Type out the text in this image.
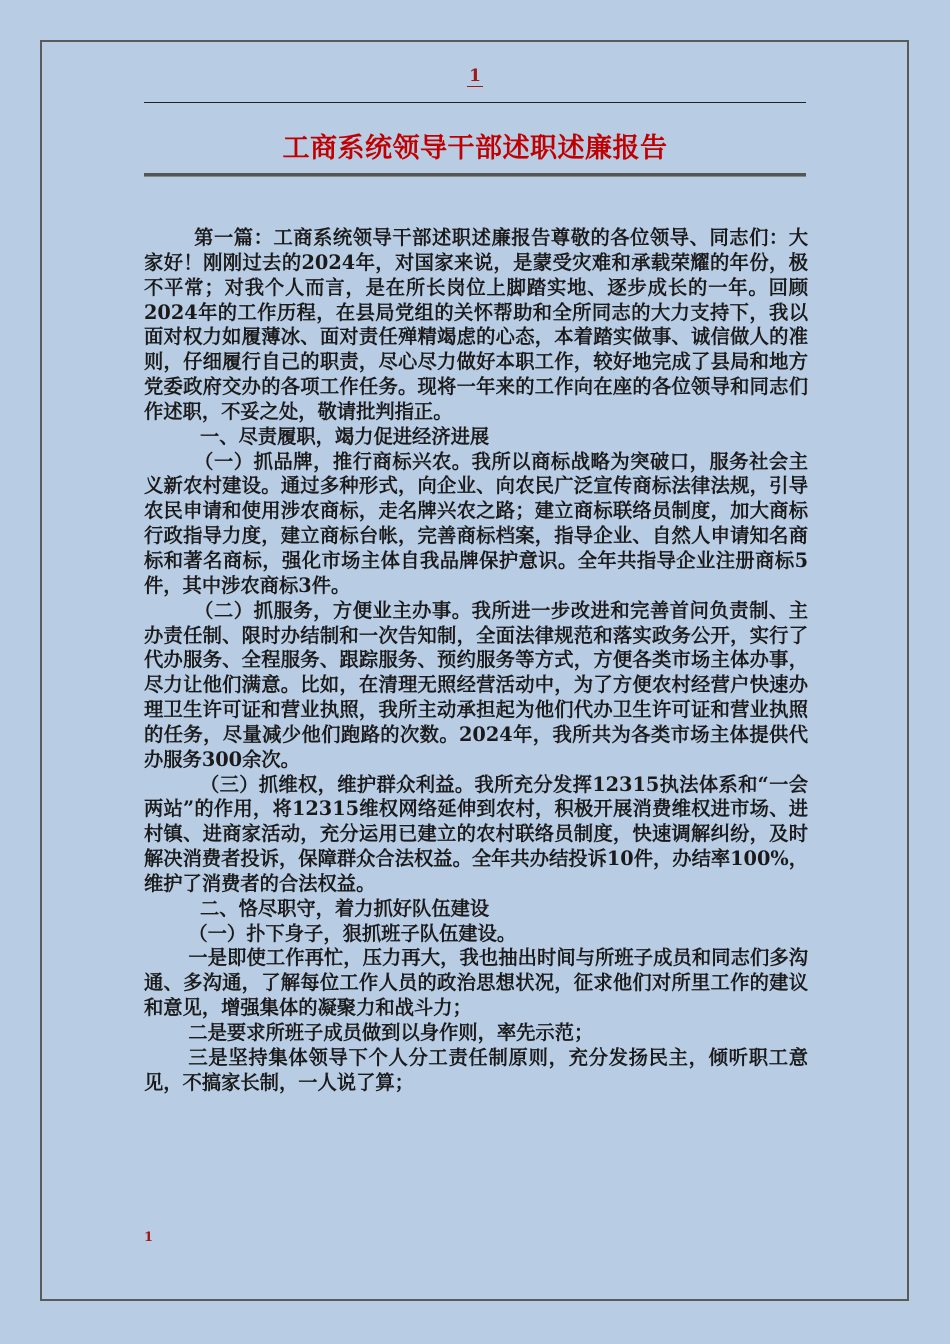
1
工商系统领导干部述职述廉报告

第一篇：工商系统领导干部述职述廉报告尊敬的各位领导、同志们：大家好！刚刚过去的2024年，对国家来说，是蒙受灾难和承载荣耀的年份，极不平常；对我个人而言，是在所长岗位上脚踏实地、逐步成长的一年。回顾2024年的工作历程，在县局党组的关怀帮助和全所同志的大力支持下，我以面对权力如履薄冰、面对责任殚精竭虑的心态，本着踏实做事、诚信做人的准则，仔细履行自己的职责，尽心尽力做好本职工作，较好地完成了县局和地方党委政府交办的各项工作任务。现将一年来的工作向在座的各位领导和同志们作述职，不妥之处，敬请批判指正。

一、尽责履职，竭力促进经济进展

（一）抓品牌，推行商标兴农。我所以商标战略为突破口，服务社会主义新农村建设。通过多种形式，向企业、向农民广泛宣传商标法律法规，引导农民申请和使用涉农商标，走名牌兴农之路；建立商标联络员制度，加大商标行政指导力度，建立商标台帐，完善商标档案，指导企业、自然人申请知名商标和著名商标，强化市场主体自我品牌保护意识。全年共指导企业注册商标5件，其中涉农商标3件。

（二）抓服务，方便业主办事。我所进一步改进和完善首问负责制、主办责任制、限时办结制和一次告知制，全面法律规范和落实政务公开，实行了代办服务、全程服务、跟踪服务、预约服务等方式，方便各类市场主体办事，尽力让他们满意。比如，在清理无照经营活动中，为了方便农村经营户快速办理卫生许可证和营业执照，我所主动承担起为他们代办卫生许可证和营业执照的任务，尽量减少他们跑路的次数。2024年，我所共为各类市场主体提供代办服务300余次。

（三）抓维权，维护群众利益。我所充分发挥12315执法体系和“一会两站”的作用，将12315维权网络延伸到农村，积极开展消费维权进市场、进村镇、进商家活动，充分运用已建立的农村联络员制度，快速调解纠纷，及时解决消费者投诉，保障群众合法权益。全年共办结投诉10件，办结率100%，维护了消费者的合法权益。

二、恪尽职守，着力抓好队伍建设

（一）扑下身子，狠抓班子队伍建设。

一是即使工作再忙，压力再大，我也抽出时间与所班子成员和同志们多沟通、多沟通，了解每位工作人员的政治思想状况，征求他们对所里工作的建议和意见，增强集体的凝聚力和战斗力；

二是要求所班子成员做到以身作则，率先示范；

三是坚持集体领导下个人分工责任制原则，充分发扬民主，倾听职工意见，不搞家长制，一人说了算；

1
